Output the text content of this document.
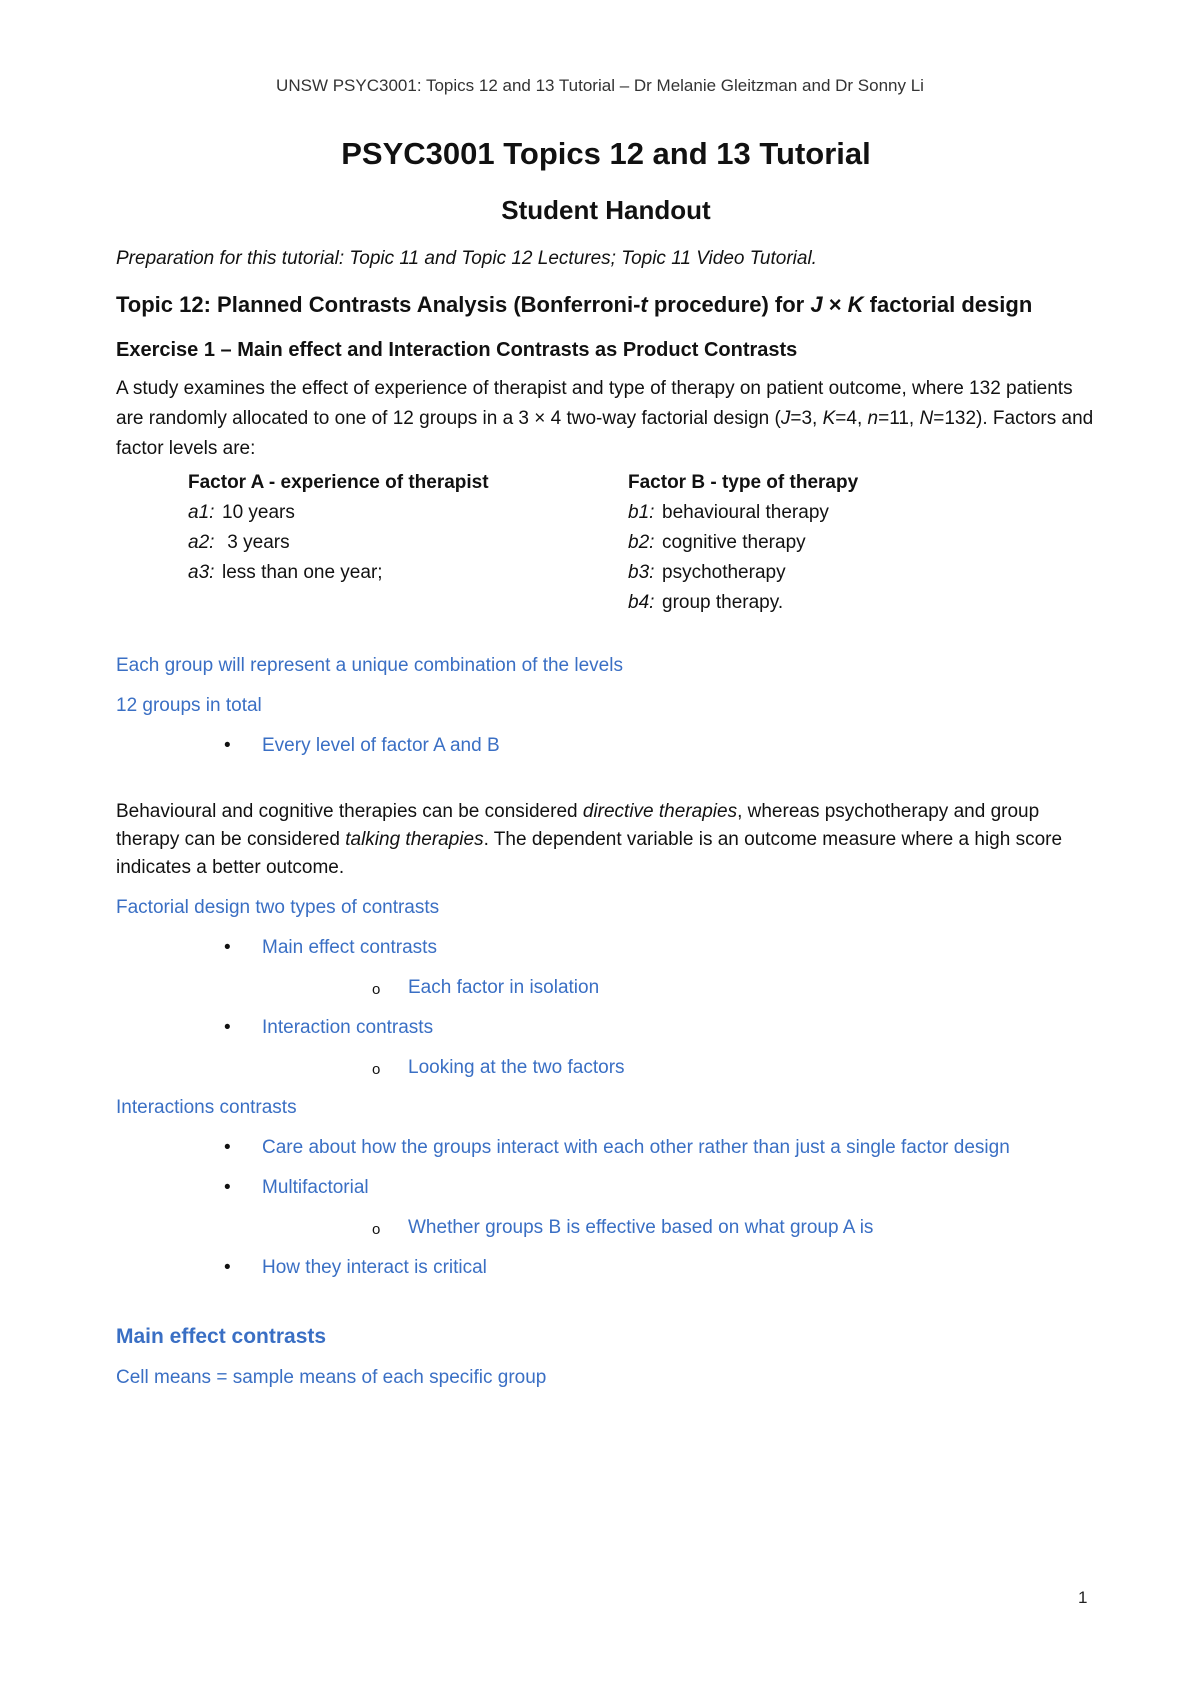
UNSW PSYC3001: Topics 12 and 13 Tutorial – Dr Melanie Gleitzman and Dr Sonny Li
PSYC3001 Topics 12 and 13 Tutorial
Student Handout

Preparation for this tutorial: Topic 11 and Topic 12 Lectures; Topic 11 Video Tutorial.

Topic 12: Planned Contrasts Analysis (Bonferroni-t procedure) for J × K factorial design
Exercise 1 – Main effect and Interaction Contrasts as Product Contrasts

A study examines the effect of experience of therapist and type of therapy on patient outcome, where 132 patients are randomly allocated to one of 12 groups in a 3 × 4 two-way factorial design (J=3, K=4, n=11, N=132). Factors and factor levels are:

Factor A - experience of therapist
a1: 10 years
a2: 3 years
a3: less than one year;
Factor B - type of therapy
b1: behavioural therapy
b2: cognitive therapy
b3: psychotherapy
b4: group therapy.

Each group will represent a unique combination of the levels

12 groups in total

• Every level of factor A and B

Behavioural and cognitive therapies can be considered directive therapies, whereas psychotherapy and group therapy can be considered talking therapies. The dependent variable is an outcome measure where a high score indicates a better outcome.

Factorial design two types of contrasts

• Main effect contrasts
o Each factor in isolation
• Interaction contrasts
o Looking at the two factors

Interactions contrasts

• Care about how the groups interact with each other rather than just a single factor design
• Multifactorial
o Whether groups B is effective based on what group A is
• How they interact is critical

Main effect contrasts

Cell means = sample means of each specific group

1
